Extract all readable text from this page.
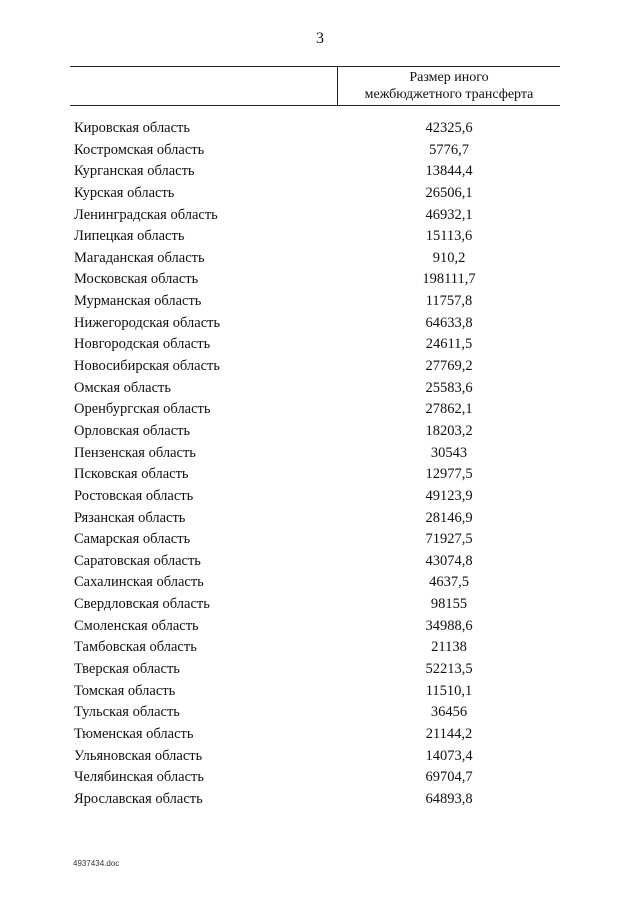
3
Размер иного
межбюджетного трансферта
Кировская область	42325,6
Костромская область	5776,7
Курганская область	13844,4
Курская область	26506,1
Ленинградская область	46932,1
Липецкая область	15113,6
Магаданская область	910,2
Московская область	198111,7
Мурманская область	11757,8
Нижегородская область	64633,8
Новгородская область	24611,5
Новосибирская область	27769,2
Омская область	25583,6
Оренбургская область	27862,1
Орловская область	18203,2
Пензенская область	30543
Псковская область	12977,5
Ростовская область	49123,9
Рязанская область	28146,9
Самарская область	71927,5
Саратовская область	43074,8
Сахалинская область	4637,5
Свердловская область	98155
Смоленская область	34988,6
Тамбовская область	21138
Тверская область	52213,5
Томская область	11510,1
Тульская область	36456
Тюменская область	21144,2
Ульяновская область	14073,4
Челябинская область	69704,7
Ярославская область	64893,8
4937434.doc
